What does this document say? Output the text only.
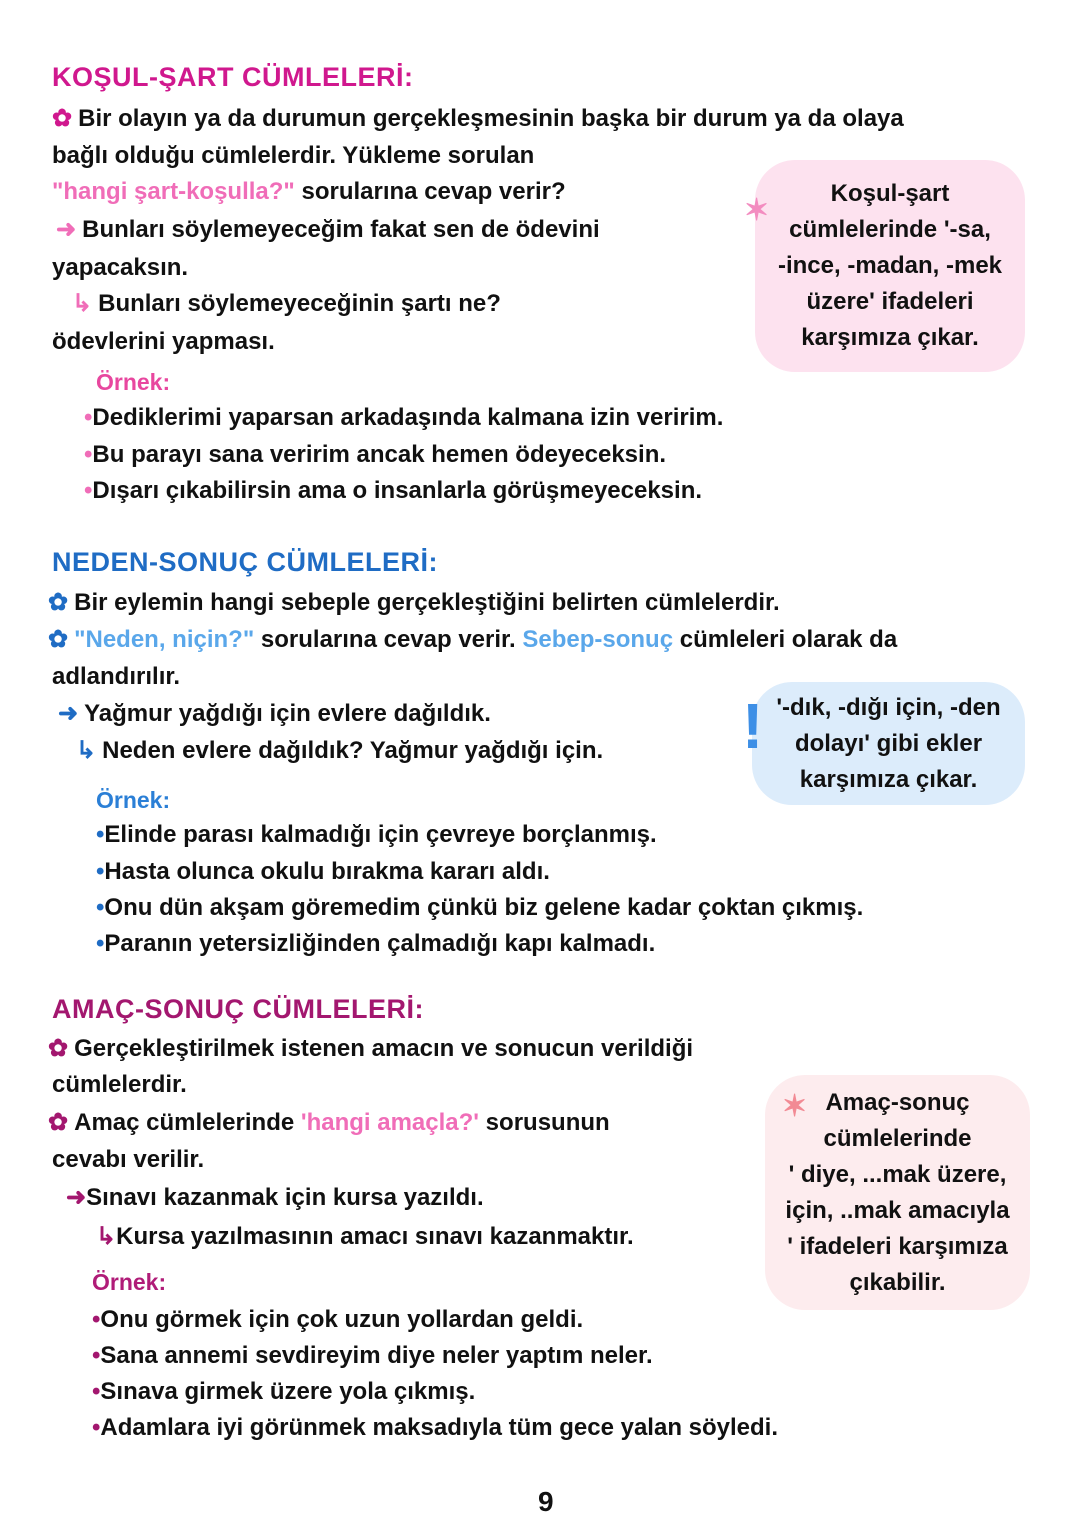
KOŞUL-ŞART CÜMLELERİ:
✿ Bir olayın ya da durumun gerçekleşmesinin başka bir durum ya da olaya
bağlı olduğu cümlelerdir. Yükleme sorulan
"hangi şart-koşulla?" sorularına cevap verir?
➜ Bunları söylemeyeceğim fakat sen de ödevini
yapacaksın.
↳ Bunları söylemeyeceğinin şartı ne?
ödevlerini yapması.
Örnek:
•Dediklerimi yaparsan arkadaşında kalmana izin veririm.
•Bu parayı sana veririm ancak hemen ödeyeceksin.
•Dışarı çıkabilirsin ama o insanlarla görüşmeyeceksin.
Koşul-şart
cümlelerinde '-sa,
-ince, -madan, -mek
üzere' ifadeleri
karşımıza çıkar.
✶
NEDEN-SONUÇ CÜMLELERİ:
✿ Bir eylemin hangi sebeple gerçekleştiğini belirten cümlelerdir.
✿ "Neden, niçin?" sorularına cevap verir. Sebep-sonuç cümleleri olarak da
adlandırılır.
➜ Yağmur yağdığı için evlere dağıldık.
↳ Neden evlere dağıldık? Yağmur yağdığı için.
Örnek:
•Elinde parası kalmadığı için çevreye borçlanmış.
•Hasta olunca okulu bırakma kararı aldı.
•Onu dün akşam göremedim çünkü biz gelene kadar çoktan çıkmış.
•Paranın yetersizliğinden çalmadığı kapı kalmadı.
'-dık, -dığı için, -den
dolayı' gibi ekler
karşımıza çıkar.
!
AMAÇ-SONUÇ CÜMLELERİ:
✿ Gerçekleştirilmek istenen amacın ve sonucun verildiği
cümlelerdir.
✿ Amaç cümlelerinde 'hangi amaçla?' sorusunun
cevabı verilir.
➜Sınavı kazanmak için kursa yazıldı.
↳Kursa yazılmasının amacı sınavı kazanmaktır.
Örnek:
•Onu görmek için çok uzun yollardan geldi.
•Sana annemi sevdireyim diye neler yaptım neler.
•Sınava girmek üzere yola çıkmış.
•Adamlara iyi görünmek maksadıyla tüm gece yalan söyledi.
Amaç-sonuç
cümlelerinde
' diye, ...mak üzere,
için, ..mak amacıyla
' ifadeleri karşımıza
çıkabilir.
✶
9
